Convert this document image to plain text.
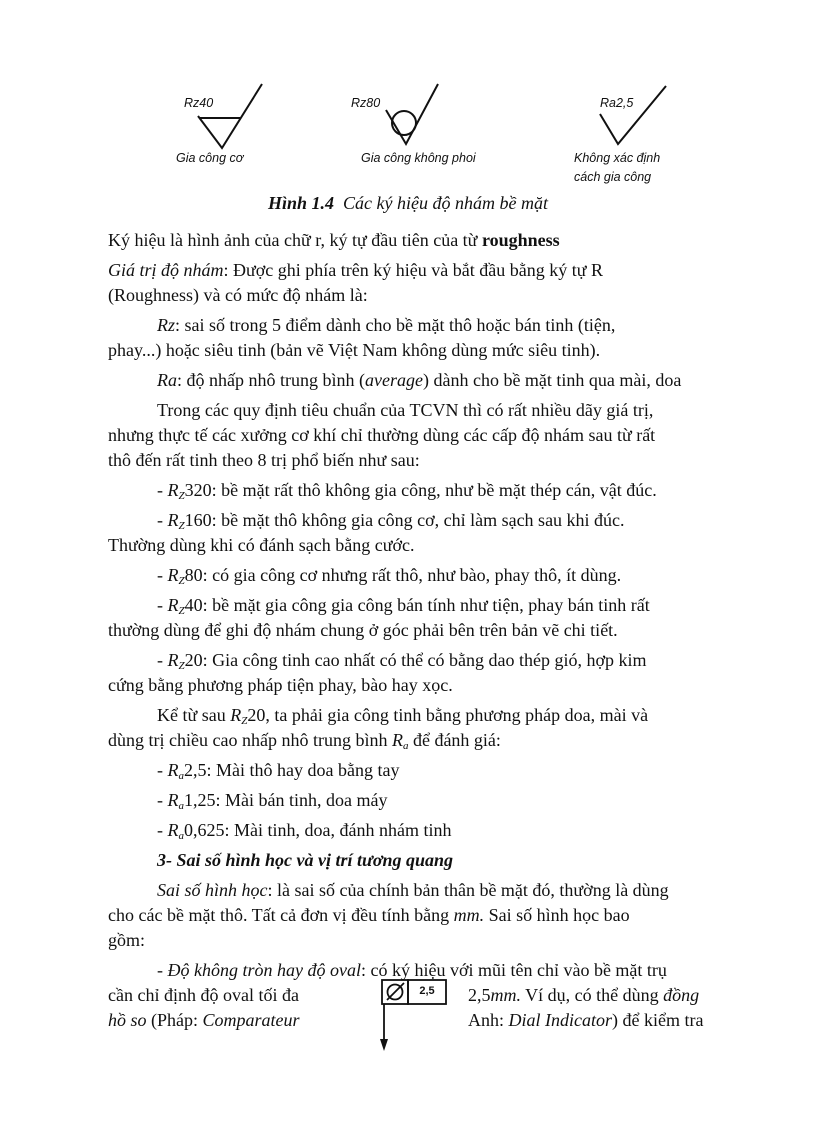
Rz40	Rz80	Ra2,5
Gia công cơ	Gia công không phoi	Không xác định
cách gia công
Hình 1.4 Các ký hiệu độ nhám bề mặt
Ký hiệu là hình ảnh của chữ r, ký tự đầu tiên của từ roughness
Giá trị độ nhám: Được ghi phía trên ký hiệu và bắt đầu bằng ký tự R
(Roughness) và có mức độ nhám là:
Rz: sai số trong 5 điểm dành cho bề mặt thô hoặc bán tinh (tiện,
phay...) hoặc siêu tinh (bản vẽ Việt Nam không dùng mức siêu tinh).
Ra: độ nhấp nhô trung bình (average) dành cho bề mặt tinh qua mài, doa
Trong các quy định tiêu chuẩn của TCVN thì có rất nhiều dãy giá trị,
nhưng thực tế các xưởng cơ khí chỉ thường dùng các cấp độ nhám sau từ rất
thô đến rất tinh theo 8 trị phổ biến như sau:
- $R_Z320$: bề mặt rất thô không gia công, như bề mặt thép cán, vật đúc.
- $R_Z160$: bề mặt thô không gia công cơ, chỉ làm sạch sau khi đúc.
Thường dùng khi có đánh sạch bằng cước.
- $R_Z80$: có gia công cơ nhưng rất thô, như bào, phay thô, ít dùng.
- $R_Z40$: bề mặt gia công gia công bán tính như tiện, phay bán tinh rất
thường dùng để ghi độ nhám chung ở góc phải bên trên bản vẽ chi tiết.
- $R_Z20$: Gia công tinh cao nhất có thể có bằng dao thép gió, hợp kim
cứng bằng phương pháp tiện phay, bào hay xọc.
Kể từ sau $R_Z20$, ta phải gia công tinh bằng phương pháp doa, mài và
dùng trị chiều cao nhấp nhô trung bình $R_a$ để đánh giá:
- $R_a2,5$: Mài thô hay doa bằng tay
- $R_a1,25$: Mài bán tinh, doa máy
- $R_a0,625$: Mài tinh, doa, đánh nhám tinh
3- Sai số hình học và vị trí tương quang
Sai số hình học: là sai số của chính bản thân bề mặt đó, thường là dùng
cho các bề mặt thô. Tất cả đơn vị đều tính bằng mm. Sai số hình học bao
gồm:
- Độ không tròn hay độ oval: có ký hiệu với mũi tên chỉ vào bề mặt trụ
cần chỉ định độ oval tối đa	2,5mm. Ví dụ, có thể dùng đồng
hồ so (Pháp: Comparateur	Anh: Dial Indicator) để kiểm tra
2,5
